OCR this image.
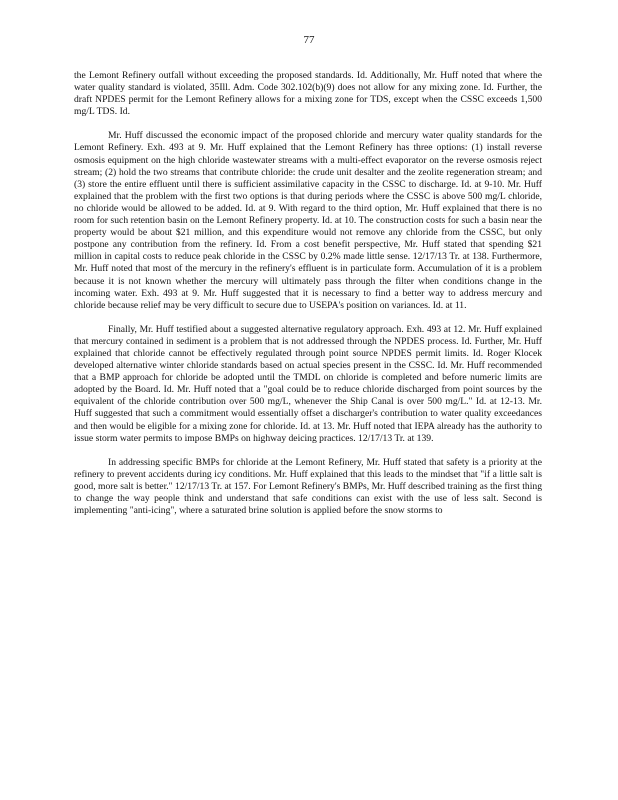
77

the Lemont Refinery outfall without exceeding the proposed standards. Id. Additionally, Mr. Huff noted that where the water quality standard is violated, 35Ill. Adm. Code 302.102(b)(9) does not allow for any mixing zone. Id. Further, the draft NPDES permit for the Lemont Refinery allows for a mixing zone for TDS, except when the CSSC exceeds 1,500 mg/L TDS. Id.

Mr. Huff discussed the economic impact of the proposed chloride and mercury water quality standards for the Lemont Refinery. Exh. 493 at 9. Mr. Huff explained that the Lemont Refinery has three options: (1) install reverse osmosis equipment on the high chloride wastewater streams with a multi-effect evaporator on the reverse osmosis reject stream; (2) hold the two streams that contribute chloride: the crude unit desalter and the zeolite regeneration stream; and (3) store the entire effluent until there is sufficient assimilative capacity in the CSSC to discharge. Id. at 9-10. Mr. Huff explained that the problem with the first two options is that during periods where the CSSC is above 500 mg/L chloride, no chloride would be allowed to be added. Id. at 9. With regard to the third option, Mr. Huff explained that there is no room for such retention basin on the Lemont Refinery property. Id. at 10. The construction costs for such a basin near the property would be about $21 million, and this expenditure would not remove any chloride from the CSSC, but only postpone any contribution from the refinery. Id. From a cost benefit perspective, Mr. Huff stated that spending $21 million in capital costs to reduce peak chloride in the CSSC by 0.2% made little sense. 12/17/13 Tr. at 138. Furthermore, Mr. Huff noted that most of the mercury in the refinery's effluent is in particulate form. Accumulation of it is a problem because it is not known whether the mercury will ultimately pass through the filter when conditions change in the incoming water. Exh. 493 at 9. Mr. Huff suggested that it is necessary to find a better way to address mercury and chloride because relief may be very difficult to secure due to USEPA's position on variances. Id. at 11.

Finally, Mr. Huff testified about a suggested alternative regulatory approach. Exh. 493 at 12. Mr. Huff explained that mercury contained in sediment is a problem that is not addressed through the NPDES process. Id. Further, Mr. Huff explained that chloride cannot be effectively regulated through point source NPDES permit limits. Id. Roger Klocek developed alternative winter chloride standards based on actual species present in the CSSC. Id. Mr. Huff recommended that a BMP approach for chloride be adopted until the TMDL on chloride is completed and before numeric limits are adopted by the Board. Id. Mr. Huff noted that a "goal could be to reduce chloride discharged from point sources by the equivalent of the chloride contribution over 500 mg/L, whenever the Ship Canal is over 500 mg/L." Id. at 12-13. Mr. Huff suggested that such a commitment would essentially offset a discharger's contribution to water quality exceedances and then would be eligible for a mixing zone for chloride. Id. at 13. Mr. Huff noted that IEPA already has the authority to issue storm water permits to impose BMPs on highway deicing practices. 12/17/13 Tr. at 139.

In addressing specific BMPs for chloride at the Lemont Refinery, Mr. Huff stated that safety is a priority at the refinery to prevent accidents during icy conditions. Mr. Huff explained that this leads to the mindset that "if a little salt is good, more salt is better." 12/17/13 Tr. at 157. For Lemont Refinery's BMPs, Mr. Huff described training as the first thing to change the way people think and understand that safe conditions can exist with the use of less salt. Second is implementing "anti-icing", where a saturated brine solution is applied before the snow storms to
